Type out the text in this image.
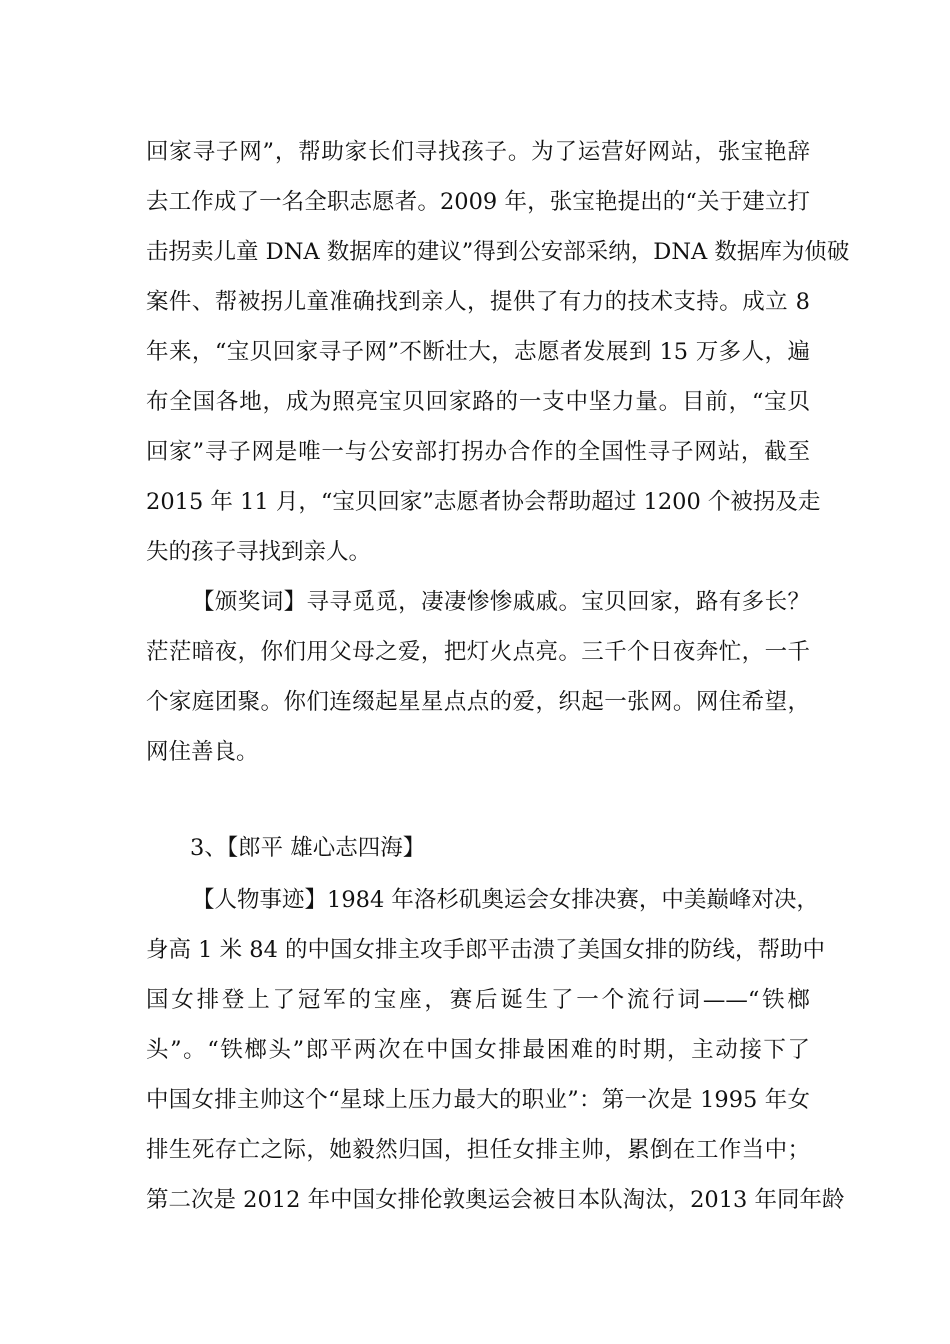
回家寻子网”，帮助家长们寻找孩子。为了运营好网站，张宝艳辞
去工作成了一名全职志愿者。2009 年，张宝艳提出的“关于建立打
击拐卖儿童 DNA 数据库的建议”得到公安部采纳，DNA 数据库为侦破
案件、帮被拐儿童准确找到亲人，提供了有力的技术支持。成立 8
年来，“宝贝回家寻子网”不断壮大，志愿者发展到 15 万多人，遍
布全国各地，成为照亮宝贝回家路的一支中坚力量。目前，“宝贝
回家”寻子网是唯一与公安部打拐办合作的全国性寻子网站，截至
2015 年 11 月，“宝贝回家”志愿者协会帮助超过 1200 个被拐及走
失的孩子寻找到亲人。
【颁奖词】寻寻觅觅，凄凄惨惨戚戚。宝贝回家，路有多长？
茫茫暗夜，你们用父母之爱，把灯火点亮。三千个日夜奔忙，一千
个家庭团聚。你们连缀起星星点点的爱，织起一张网。网住希望，
网住善良。
3、【郎平 雄心志四海】
【人物事迹】1984 年洛杉矶奥运会女排决赛，中美巅峰对决，
身高 1 米 84 的中国女排主攻手郎平击溃了美国女排的防线，帮助中
国女排登上了冠军的宝座，赛后诞生了一个流行词——“铁榔
头”。“铁榔头”郎平两次在中国女排最困难的时期，主动接下了
中国女排主帅这个“星球上压力最大的职业”：第一次是 1995 年女
排生死存亡之际，她毅然归国，担任女排主帅，累倒在工作当中；
第二次是 2012 年中国女排伦敦奥运会被日本队淘汰，2013 年同年龄
